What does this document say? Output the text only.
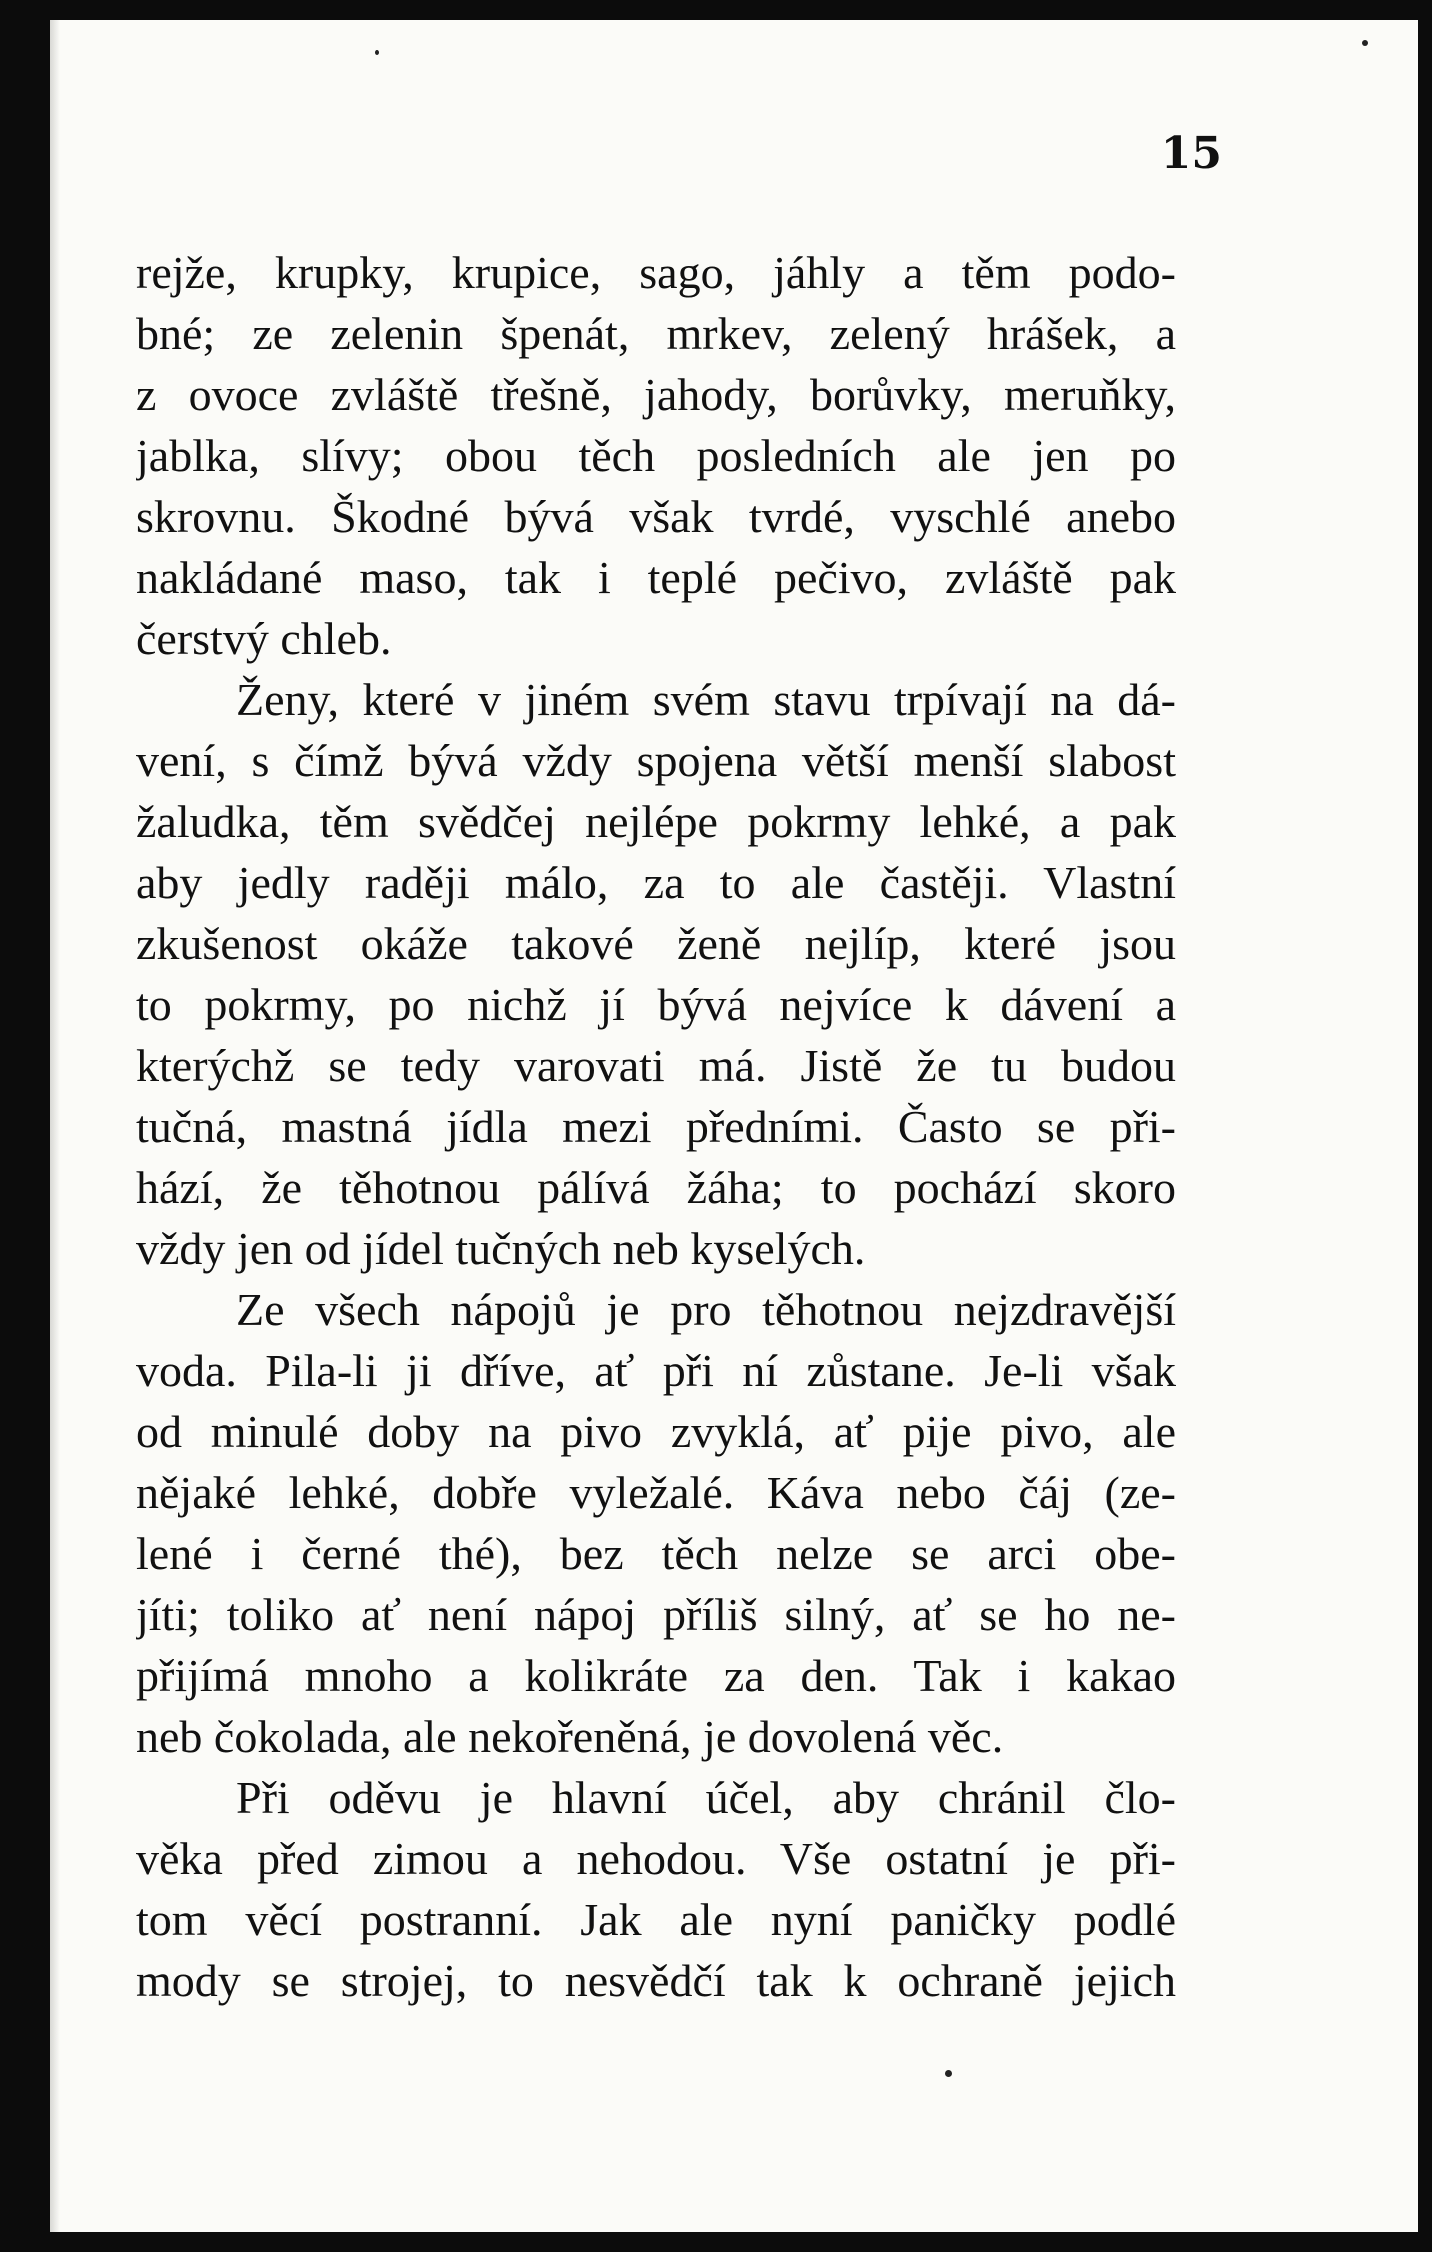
15

rejže, krupky, krupice, sago, jáhly a těm podo-
bné; ze zelenin špenát, mrkev, zelený hrášek, a
z ovoce zvláště třešně, jahody, borůvky, meruňky,
jablka, slívy; obou těch posledních ale jen po
skrovnu. Škodné bývá však tvrdé, vyschlé anebo
nakládané maso, tak i teplé pečivo, zvláště pak
čerstvý chleb.
Ženy, které v jiném svém stavu trpívají na dá-
vení, s čímž bývá vždy spojena větší menší slabost
žaludka, těm svědčej nejlépe pokrmy lehké, a pak
aby jedly raději málo, za to ale častěji. Vlastní
zkušenost okáže takové ženě nejlíp, které jsou
to pokrmy, po nichž jí bývá nejvíce k dávení a
kterýchž se tedy varovati má. Jistě že tu budou
tučná, mastná jídla mezi předními. Často se při-
hází, že těhotnou pálívá žáha; to pochází skoro
vždy jen od jídel tučných neb kyselých.
Ze všech nápojů je pro těhotnou nejzdravější
voda. Pila-li ji dříve, ať při ní zůstane. Je-li však
od minulé doby na pivo zvyklá, ať pije pivo, ale
nějaké lehké, dobře vyležalé. Káva nebo čáj (ze-
lené i černé thé), bez těch nelze se arci obe-
jíti; toliko ať není nápoj příliš silný, ať se ho ne-
přijímá mnoho a kolikráte za den. Tak i kakao
neb čokolada, ale nekořeněná, je dovolená věc.
Při oděvu je hlavní účel, aby chránil člo-
věka před zimou a nehodou. Vše ostatní je při-
tom věcí postranní. Jak ale nyní paničky podlé
mody se strojej, to nesvědčí tak k ochraně jejich
